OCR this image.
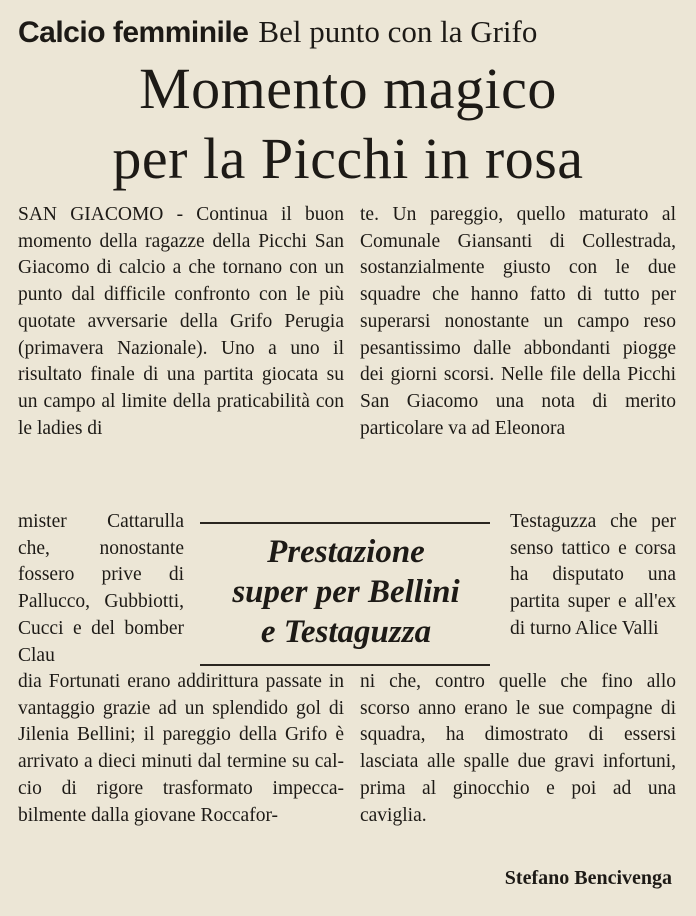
Calcio femminile Bel punto con la Grifo
Momento magico
per la Picchi in rosa

SAN GIACOMO - Continua il buon momento della ragazze della Picchi San Giacomo di calcio a che tornano con un punto dal difficile confronto con le più quotate avversarie della Grifo Perugia (primavera Nazionale). Uno a uno il risultato finale di una partita giocata su un campo al limite della praticabilità con le ladies di

te. Un pareggio, quello maturato al Comunale Giansanti di Collestrada, sostanzialmente giusto con le due squadre che hanno fatto di tutto per superarsi nonostante un campo reso pesantissimo dalle abbondanti piogge dei giorni scorsi. Nelle file della Picchi San Giacomo una nota di merito particolare va ad Eleonora

mister Cattarulla che, nonostante fossero prive di Pallucco, Gubbiotti, Cucci e del bomber Clau

Testaguzza che per senso tattico e corsa ha disputato una partita super e all'ex di turno Alice Valli

Prestazione
super per Bellini
e Testaguzza

dia Fortunati erano addirittura passate in vantaggio grazie ad un splendido gol di Jilenia Bellini; il pareggio della Grifo è arrivato a dieci minuti dal termine su calcio di rigore trasformato impeccabilmente dalla giovane Roccafor-

ni che, contro quelle che fino allo scorso anno erano le sue compagne di squadra, ha dimostrato di essersi lasciata alle spalle due gravi infortuni, prima al ginocchio e poi ad una caviglia.

Stefano Bencivenga
